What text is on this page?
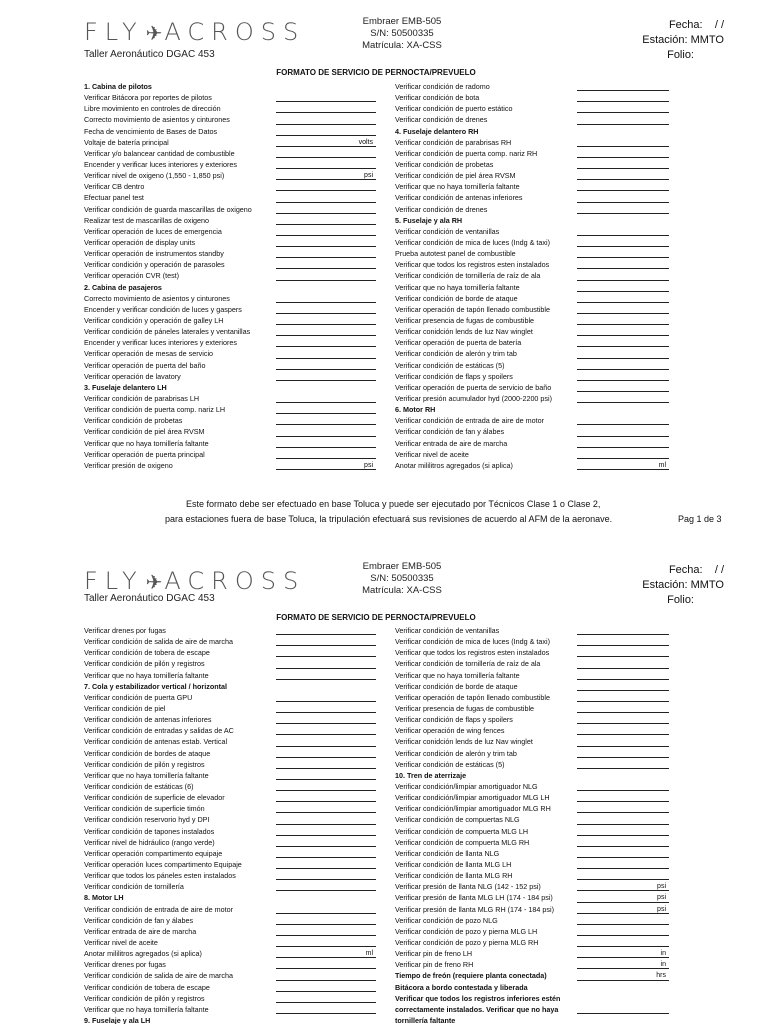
FLY ✈ACROSS
Taller Aeronáutico DGAC 453
Embraer EMB-505
S/N: 50500335
Matrícula: XA-CSS
Fecha: / /
Estación: MMTO
Folio:
FORMATO DE SERVICIO DE PERNOCTA/PREVUELO
1. Cabina de pilotos
Verificar Bitácora por reportes de pilotos
Libre movimiento en controles de dirección
Correcto movimiento de asientos y cinturones
Fecha de vencimiento de Bases de Datos
Voltaje de batería principal	volts
Verificar y/o balancear cantidad de combustible
Encender y verificar luces interiores y exteriores
Verificar nivel de oxigeno (1,550 - 1,850 psi)	psi
Verificar CB dentro
Efectuar panel test
Verificar condición de guarda mascarillas de oxigeno
Realizar test de mascarillas de oxigeno
Verificar operación de luces de emergencia
Verificar operación de display units
Verificar operación de instrumentos standby
Verificar condición y operación de parasoles
Verificar operación CVR (test)
2. Cabina de pasajeros
Correcto movimiento de asientos y cinturones
Encender y verificar condición de luces y gaspers
Verificar condición y operación de galley LH
Verificar condición de páneles laterales y ventanillas
Encender y verificar luces interiores y exteriores
Verificar operación de mesas de servicio
Verificar operación de puerta del baño
Verificar operación de lavatory
3. Fuselaje delantero LH
Verificar condición de parabrisas LH
Verificar condición de puerta comp. nariz LH
Verificar condición de probetas
Verificar condición de piel área RVSM
Verificar que no haya tornillería faltante
Verificar operación de puerta principal
Verificar presión de oxigeno	psi
Verificar condición de radomo
Verificar condición de bota
Verificar condición de puerto estático
Verificar condición de drenes
4. Fuselaje delantero RH
Verificar condición de parabrisas RH
Verificar condición de puerta comp. nariz RH
Verificar condición de probetas
Verificar condición de piel área RVSM
Verificar que no haya tornillería faltante
Verificar condición de antenas inferiores
Verificar condición de drenes
5. Fuselaje y ala RH
Verificar condición de ventanillas
Verificar condición de mica de luces (Indg & taxi)
Prueba autotest panel de combustible
Verificar que todos los registros esten instalados
Verificar condición de tornillería de raíz de ala
Verificar que no haya tornillería faltante
Verificar condición de borde de ataque
Verificar operación de tapón llenado combustible
Verificar presencia de fugas de combustible
Verificar conidción lends de luz Nav winglet
Verificar operación de puerta de batería
Verificar condición de alerón y trim tab
Verificar condición de estáticas (5)
Verificar condición de flaps y spoilers
Verificar operación de puerta de servicio de baño
Verificar presión acumulador hyd (2000-2200 psi)
6. Motor RH
Verificar condición de entrada de aire de motor
Verificar condición de fan y álabes
Verificar entrada de aire de marcha
Verificar nivel de aceite
Anotar mililitros agregados (si aplica)	ml
Este formato debe ser efectuado en base Toluca y puede ser ejecutado por Técnicos Clase 1 o Clase 2,
para estaciones fuera de base Toluca, la tripulación efectuará sus revisiones de acuerdo al AFM de la aeronave.	Pag 1 de 3
FLY ✈ACROSS
Taller Aeronáutico DGAC 453
Embraer EMB-505
S/N: 50500335
Matrícula: XA-CSS
Fecha: / /
Estación: MMTO
Folio:
FORMATO DE SERVICIO DE PERNOCTA/PREVUELO
Verificar drenes por fugas
Verificar condición de salida de aire de marcha
Verificar condición de tobera de escape
Verificar condición de pilón y registros
Verificar que no haya tornillería faltante
7. Cola y estabilizador vertical / horizontal
Verificar condición de puerta GPU
Verificar condición de piel
Verificar condición de antenas inferiores
Verificar condición de entradas y salidas de AC
Verificar condición de antenas estab. Vertical
Verificar condición de bordes de ataque
Verificar condición de pilón y registros
Verificar que no haya tornillería faltante
Verificar condición de estáticas (6)
Verificar condición de superficie de elevador
Verificar condición de superficie timón
Verificar condición reservorio hyd y DPI
Verificar condición de tapones instalados
Verificar nivel de hidráulico (rango verde)
Verificar operación compartimento equipaje
Verificar operación luces compartimento Equipaje
Verificar que todos los páneles esten instalados
Verificar condición de tornillería
8. Motor LH
Verificar condición de entrada de aire de motor
Verificar condición de fan y álabes
Verificar entrada de aire de marcha
Verificar nivel de aceite
Anotar mililitros agregados (si aplica)	ml
Verificar drenes por fugas
Verificar condición de salida de aire de marcha
Verificar condición de tobera de escape
Verificar condición de pilón y registros
Verificar que no haya tornillería faltante
9. Fuselaje y ala LH
Verificar condición de ventanillas
Verificar condición de mica de luces (Indg & taxi)
Verificar que todos los registros esten instalados
Verificar condición de tornillería de raíz de ala
Verificar que no haya tornillería faltante
Verificar condición de borde de ataque
Verificar operación de tapón llenado combustible
Verificar presencia de fugas de combustible
Verificar condición de flaps y spoilers
Verificar operación de wing fences
Verificar conidción lends de luz Nav winglet
Verificar condición de alerón y trim tab
Verificar condición de estáticas (5)
10. Tren de aterrizaje
Verificar condición/limpiar amortiguador NLG
Verificar condición/limpiar amortiguador MLG LH
Verificar condición/limpiar amortiguador MLG RH
Verificar condición de compuertas NLG
Verificar condición de compuerta MLG LH
Verificar condición de compuerta MLG RH
Verificar condición de llanta NLG
Verificar condición de llanta MLG LH
Verificar condición de llanta MLG RH
Verificar presión de llanta NLG (142 - 152 psi)	psi
Verificar presión de llanta MLG LH (174 - 184 psi)	psi
Verificar presión de llanta MLG RH (174 - 184 psi)	psi
Verificar condición de pozo NLG
Verificar condición de pozo y pierna MLG LH
Verificar condición de pozo y pierna MLG RH
Verificar pin de freno LH	in
Verificar pin de freno RH	in
Tiempo de freón (requiere planta conectada)	hrs
Bitácora a bordo contestada y liberada
Verificar que todos los registros inferiores estén correctamente instalados. Verificar que no haya tornillería faltante
